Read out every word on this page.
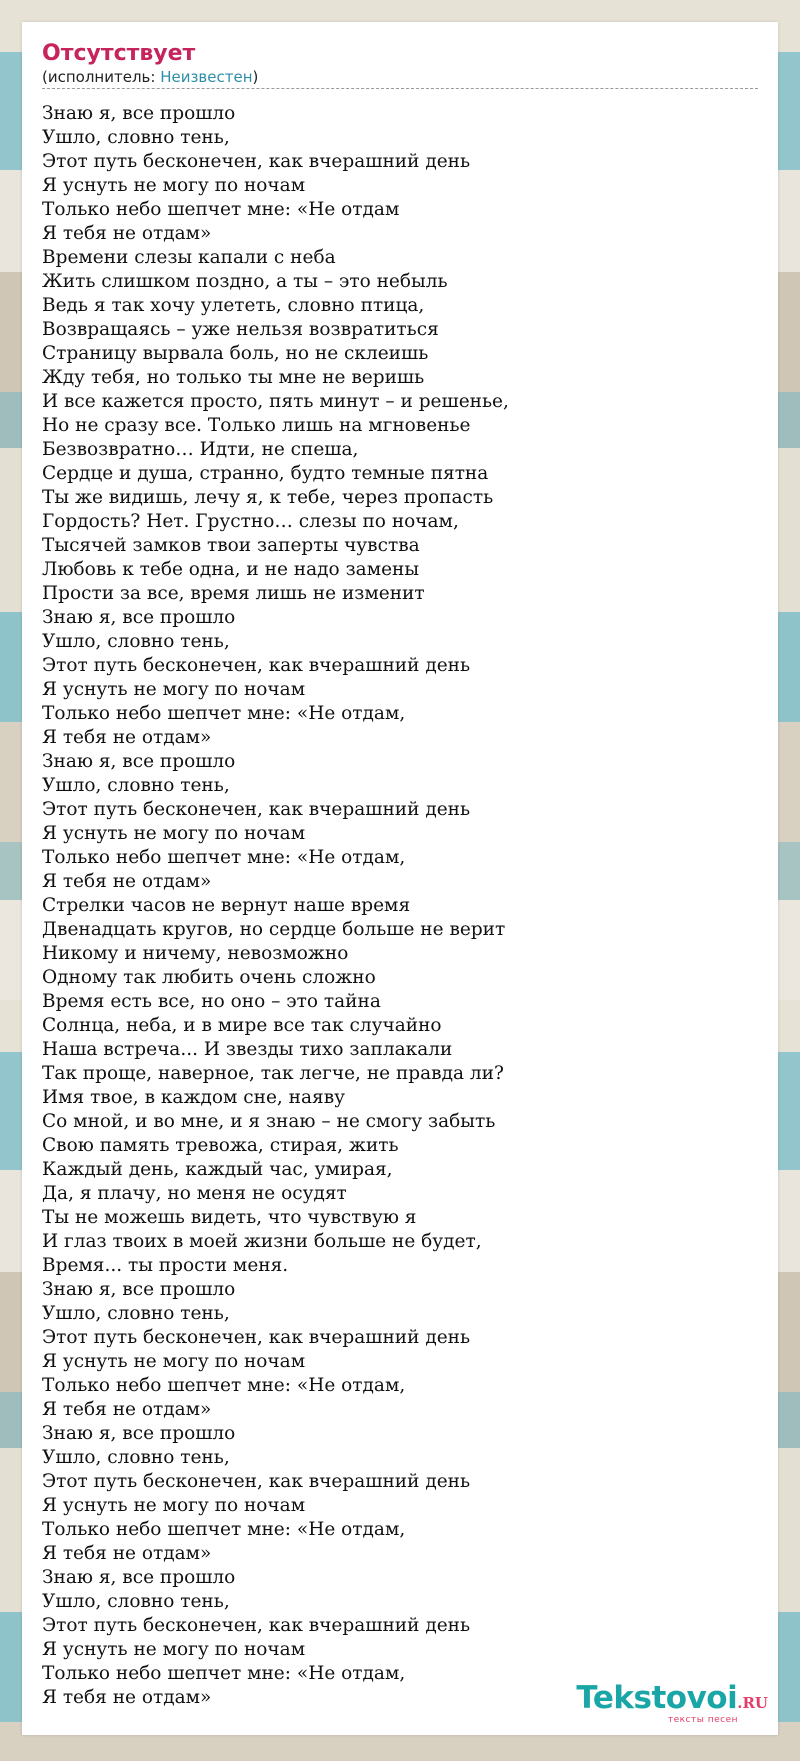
Отсутствует
(исполнитель: Неизвестен)
Знаю я, все прошло
Ушло, словно тень,
Этот путь бесконечен, как вчерашний день
Я уснуть не могу по ночам
Только небо шепчет мне: «Не отдам
Я тебя не отдам»
Времени слезы капали с неба
Жить слишком поздно, а ты – это небыль
Ведь я так хочу улететь, словно птица,
Возвращаясь – уже нельзя возвратиться
Страницу вырвала боль, но не склеишь
Жду тебя, но только ты мне не веришь
И все кажется просто, пять минут – и решенье,
Но не сразу все. Только лишь на мгновенье
Безвозвратно… Идти, не спеша,
Сердце и душа, странно, будто темные пятна
Ты же видишь, лечу я, к тебе, через пропасть
Гордость? Нет. Грустно… слезы по ночам,
Тысячей замков твои заперты чувства
Любовь к тебе одна, и не надо замены
Прости за все, время лишь не изменит
Знаю я, все прошло
Ушло, словно тень,
Этот путь бесконечен, как вчерашний день
Я уснуть не могу по ночам
Только небо шепчет мне: «Не отдам,
Я тебя не отдам»
Знаю я, все прошло
Ушло, словно тень,
Этот путь бесконечен, как вчерашний день
Я уснуть не могу по ночам
Только небо шепчет мне: «Не отдам,
Я тебя не отдам»
Стрелки часов не вернут наше время
Двенадцать кругов, но сердце больше не верит
Никому и ничему, невозможно
Одному так любить очень сложно
Время есть все, но оно – это тайна
Солнца, неба, и в мире все так случайно
Наша встреча... И звезды тихо заплакали
Так проще, наверное, так легче, не правда ли?
Имя твое, в каждом сне, наяву
Со мной, и во мне, и я знаю – не смогу забыть
Свою память тревожа, стирая, жить
Каждый день, каждый час, умирая,
Да, я плачу, но меня не осудят
Ты не можешь видеть, что чувствую я
И глаз твоих в моей жизни больше не будет,
Время... ты прости меня.
Знаю я, все прошло
Ушло, словно тень,
Этот путь бесконечен, как вчерашний день
Я уснуть не могу по ночам
Только небо шепчет мне: «Не отдам,
Я тебя не отдам»
Знаю я, все прошло
Ушло, словно тень,
Этот путь бесконечен, как вчерашний день
Я уснуть не могу по ночам
Только небо шепчет мне: «Не отдам,
Я тебя не отдам»
Знаю я, все прошло
Ушло, словно тень,
Этот путь бесконечен, как вчерашний день
Я уснуть не могу по ночам
Только небо шепчет мне: «Не отдам,
Я тебя не отдам»	Tekstovoi.RU
тексты песен
